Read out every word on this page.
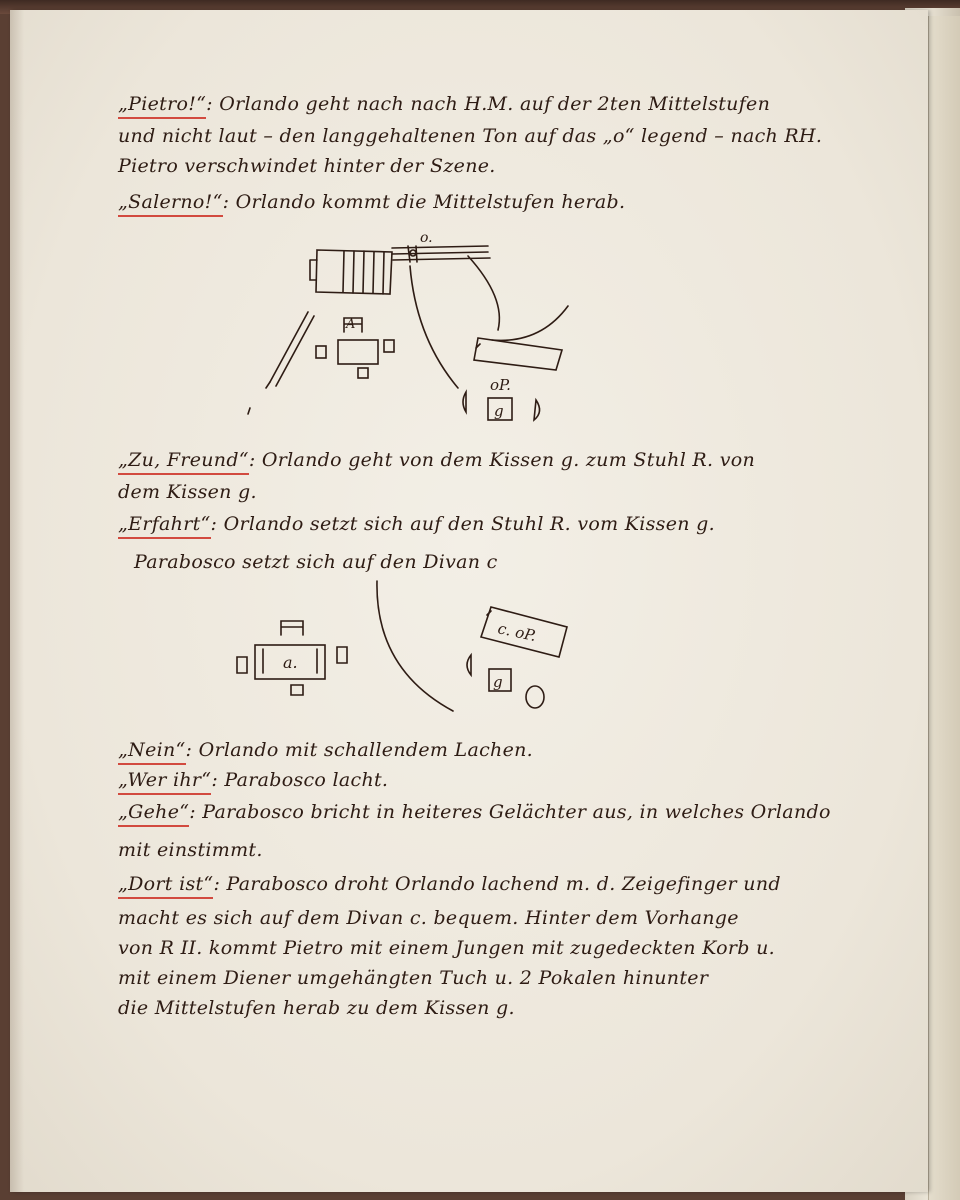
„Pietro!“: Orlando geht nach nach H.M. auf der 2ten Mittelstufen
und nicht laut – den langgehaltenen Ton auf das „o“ legend – nach RH.
Pietro verschwindet hinter der Szene.
„Salerno!“: Orlando kommt die Mittelstufen herab.
o.
A
oP.
g
„Zu, Freund“: Orlando geht von dem Kissen g. zum Stuhl R. von
dem Kissen g.
„Erfahrt“: Orlando setzt sich auf den Stuhl R. vom Kissen g.
Parabosco setzt sich auf den Divan c
a.
c. oP.
g
„Nein“: Orlando mit schallendem Lachen.
„Wer ihr“: Parabosco lacht.
„Gehe“: Parabosco bricht in heiteres Gelächter aus, in welches Orlando
mit einstimmt.
„Dort ist“: Parabosco droht Orlando lachend m. d. Zeigefinger und
macht es sich auf dem Divan c. bequem. Hinter dem Vorhange
von R II. kommt Pietro mit einem Jungen mit zugedeckten Korb u.
mit einem Diener umgehängten Tuch u. 2 Pokalen hinunter
die Mittelstufen herab zu dem Kissen g.
